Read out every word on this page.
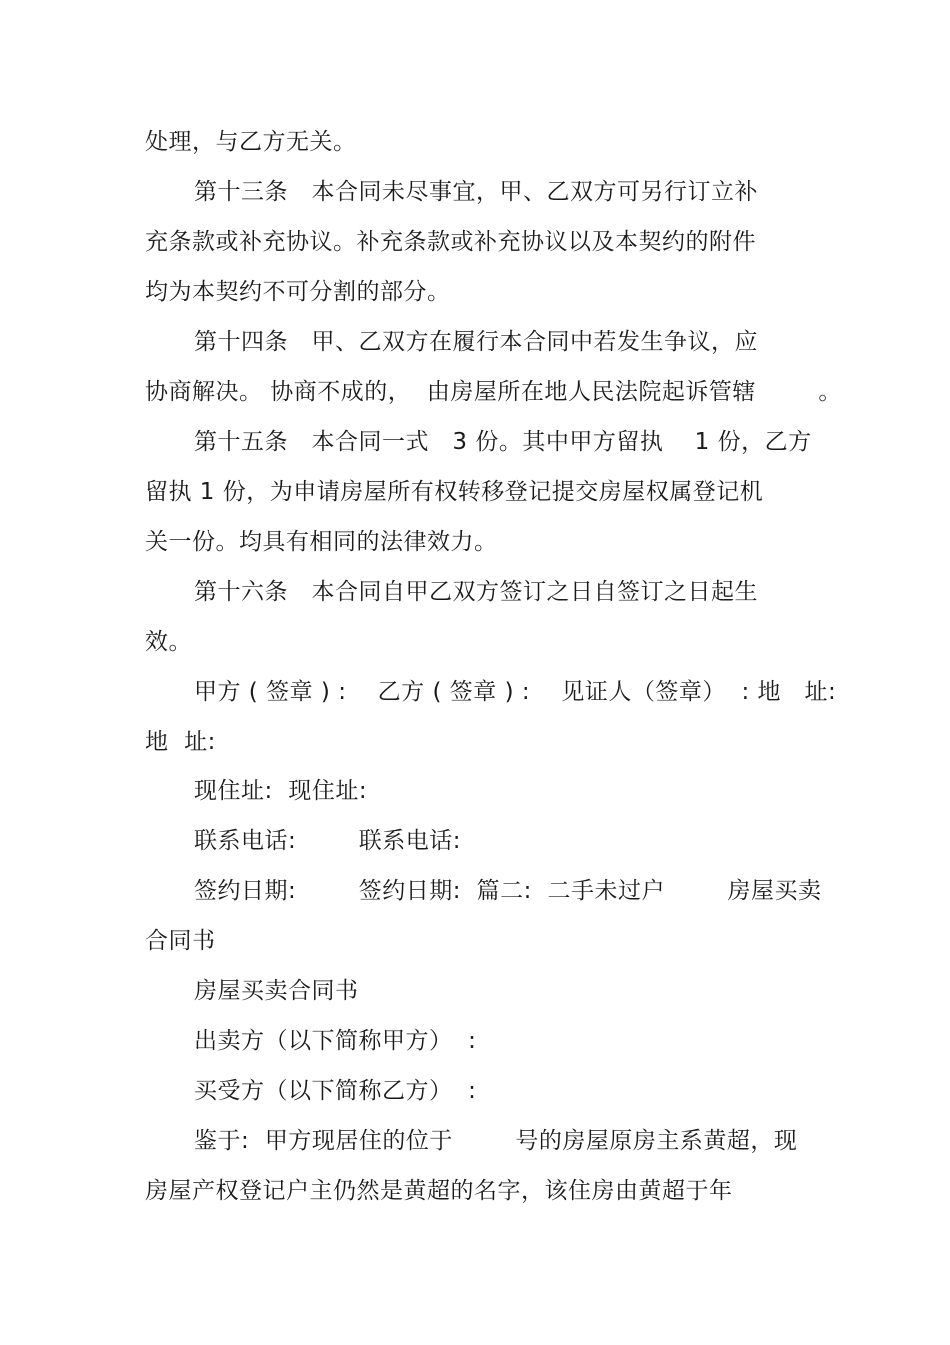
处理，与乙方无关。
第十三条　本合同未尽事宜，甲、乙双方可另行订立补
充条款或补充协议。补充条款或补充协议以及本契约的附件
均为本契约不可分割的部分。
第十四条　甲、乙双方在履行本合同中若发生争议，应
协商解决。 协商不成的，  由房屋所在地人民法院起诉管辖        。
第十五条　本合同一式   3 份。其中甲方留执    1 份，乙方
留执 1 份，为申请房屋所有权转移登记提交房屋权属登记机
关一份。均具有相同的法律效力。
第十六条　本合同自甲乙双方签订之日自签订之日起生
效。
甲方 ( 签章 ) :    乙方 ( 签章 ) :    见证人（签章）  : 地   址:
地  址:
现住址:  现住址:
联系电话:        联系电话:
签约日期:        签约日期:  篇二:  二手未过户        房屋买卖
合同书
房屋买卖合同书
出卖方（以下简称甲方）  :
买受方（以下简称乙方）  :
鉴于:  甲方现居住的位于        号的房屋原房主系黄超，现
房屋产权登记户主仍然是黄超的名字，该住房由黄超于年
